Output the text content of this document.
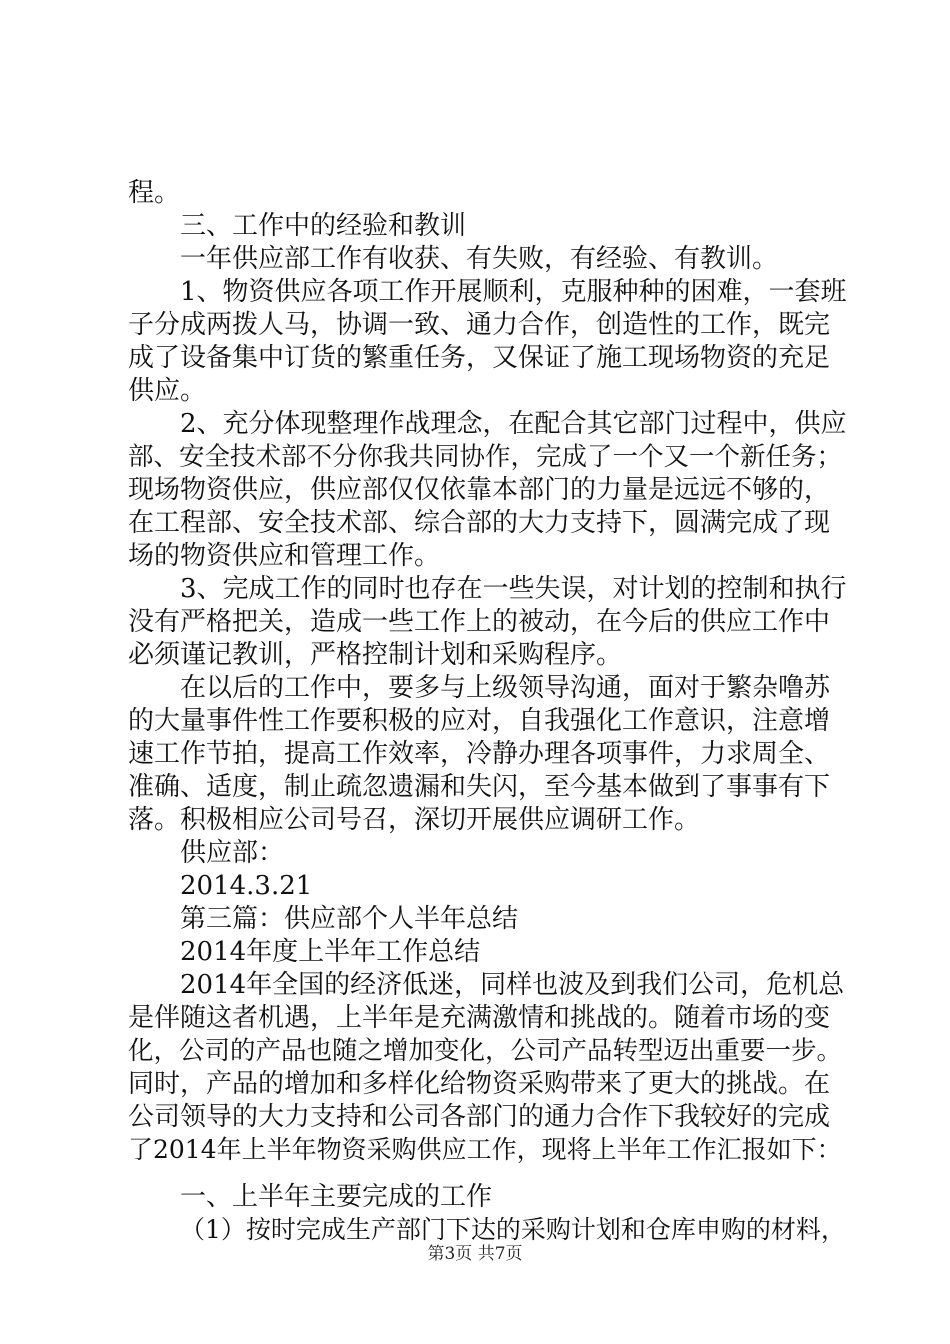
程。
三、工作中的经验和教训
一年供应部工作有收获、有失败，有经验、有教训。
1、物资供应各项工作开展顺利，克服种种的困难，一套班
子分成两拨人马，协调一致、通力合作，创造性的工作，既完
成了设备集中订货的繁重任务，又保证了施工现场物资的充足
供应。
2、充分体现整理作战理念，在配合其它部门过程中，供应
部、安全技术部不分你我共同协作，完成了一个又一个新任务；
现场物资供应，供应部仅仅依靠本部门的力量是远远不够的，
在工程部、安全技术部、综合部的大力支持下，圆满完成了现
场的物资供应和管理工作。
3、完成工作的同时也存在一些失误，对计划的控制和执行
没有严格把关，造成一些工作上的被动，在今后的供应工作中
必须谨记教训，严格控制计划和采购程序。
在以后的工作中，要多与上级领导沟通，面对于繁杂噜苏
的大量事件性工作要积极的应对，自我强化工作意识，注意增
速工作节拍，提高工作效率，冷静办理各项事件，力求周全、
准确、适度，制止疏忽遗漏和失闪，至今基本做到了事事有下
落。积极相应公司号召，深切开展供应调研工作。
供应部：
2014.3.21
第三篇：供应部个人半年总结
2014年度上半年工作总结
2014年全国的经济低迷，同样也波及到我们公司，危机总
是伴随这者机遇，上半年是充满激情和挑战的。随着市场的变
化，公司的产品也随之增加变化，公司产品转型迈出重要一步。
同时，产品的增加和多样化给物资采购带来了更大的挑战。在
公司领导的大力支持和公司各部门的通力合作下我较好的完成
了2014年上半年物资采购供应工作，现将上半年工作汇报如下：
一、上半年主要完成的工作
（1）按时完成生产部门下达的采购计划和仓库申购的材料，
第3页 共7页
